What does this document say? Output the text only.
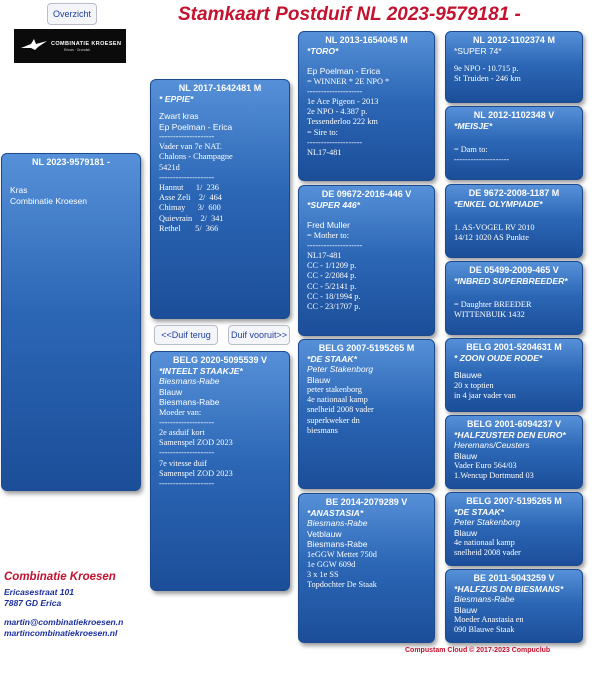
Overzicht	Stamkaart Postduif NL 2023-9579181 -
COMBINATIE KROESEN
Ericas · Grondsk
NL 2023-9579181 -
Kras
Combinatie Kroesen
NL 2017-1642481 M
* EPPIE*
Zwart kras
Ep Poelman - Erica
--------------------
Vader van 7e NAT.
Chalons - Champagne
5421d
--------------------
Hannut      1/  236
Asse Zeli    2/  464
Chimay      3/  600
Quievrain    2/  341
Rethel       5/  366
<<Duif terug	Duif vooruit>>
BELG 2020-5095539 V
*INTEELT STAAKJE*
Biesmans-Rabe
Blauw
Biesmans-Rabe
Moeder van:
--------------------
2e asduif kort
Samenspel ZOD 2023
--------------------
7e vitesse duif
Samenspel ZOD 2023
--------------------
NL 2013-1654045 M
*TORO*
Ep Poelman - Erica
= WINNER * 2E NPO *
--------------------
1e Ace Pigeon - 2013
2e NPO - 4.387 p.
Tessenderloo 222 km
= Sire to:
--------------------
NL17-481
DE 09672-2016-446 V
*SUPER 446*
Fred Muller
= Mother to:
--------------------
NL17-481
CC - 1/1209 p.
CC - 2/2084 p.
CC - 5/2141 p.
CC - 18/1994 p.
CC - 23/1707 p.
BELG 2007-5195265 M
*DE STAAK*
Peter Stakenborg
Blauw
peter stakenborg
4e nationaal kamp
snelheid 2008 vader
superkweker dn
biesmans
BE 2014-2079289 V
*ANASTASIA*
Biesmans-Rabe
Vetblauw
Biesmans-Rabe
1eGGW Mettet 750d
1e GGW 609d
3 x 1e SS
Topdochter De Staak
NL 2012-1102374 M
*SUPER 74*
9e NPO - 10.715 p.
St Truiden - 246 km
NL 2012-1102348 V
*MEISJE*
= Dam to:
--------------------
DE 9672-2008-1187 M
*ENKEL OLYMPIADE*
1. AS-VOGEL RV 2010
14/12 1020 AS Punkte
DE 05499-2009-465 V
*INBRED SUPERBREEDER*
= Daughter BREEDER
WITTENBUIK 1432
BELG 2001-5204631 M
* ZOON OUDE RODE*
Blauwe
20 x toptien
in 4 jaar vader van
BELG 2001-6094237 V
*HALFZUSTER DEN EURO*
Heremans/Ceusters
Blauw
Vader Euro 564/03
1.Wencup Dortmund 03
BELG 2007-5195265 M
*DE STAAK*
Peter Stakenborg
Blauw
4e nationaal kamp
snelheid 2008 vader
BE 2011-5043259 V
*HALFZUS DN BIESMANS*
Biesmans-Rabe
Blauw
Moeder Anastasia en
090 Blauwe Staak
Combinatie Kroesen
Ericasestraat 101
7887 GD Erica
martin@combinatiekroesen.n
martincombinatiekroesen.nl
Compustam Cloud © 2017-2023 Compuclub
